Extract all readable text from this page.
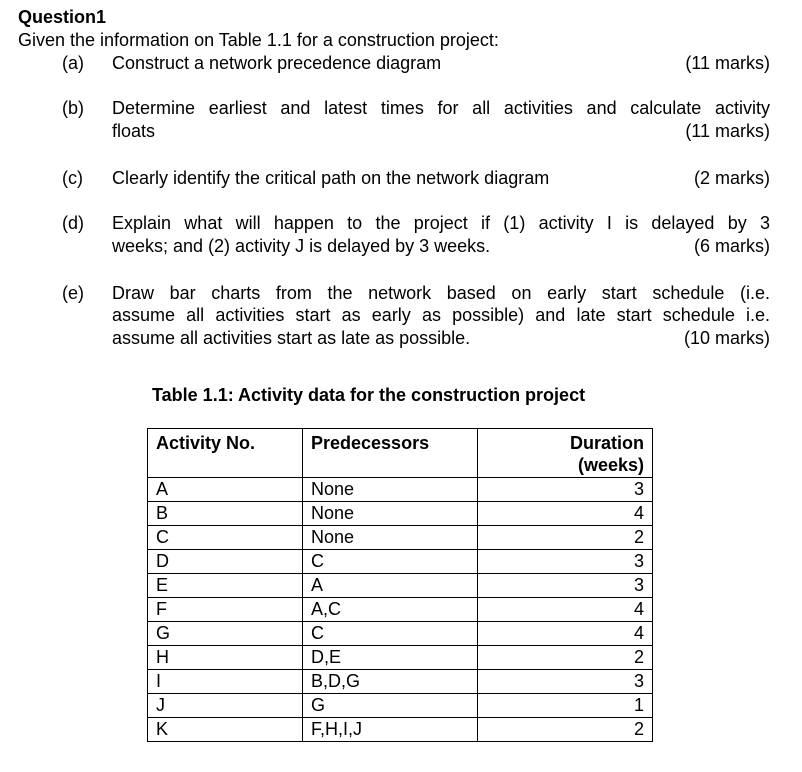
Question1
Given the information on Table 1.1 for a construction project:
(a) Construct a network precedence diagram	(11 marks)
(b) Determine earliest and latest times for all activities and calculate activity
floats	(11 marks)
(c) Clearly identify the critical path on the network diagram	(2 marks)
(d) Explain what will happen to the project if (1) activity I is delayed by 3
weeks; and (2) activity J is delayed by 3 weeks.	(6 marks)
(e) Draw bar charts from the network based on early start schedule (i.e.
assume all activities start as early as possible) and late start schedule i.e.
assume all activities start as late as possible.	(10 marks)
Table 1.1: Activity data for the construction project
Activity No.	Predecessors	Duration
(weeks)

A	None	3
B	None	4
C	None	2
D	C	3
E	A	3
F	A,C	4
G	C	4
H	D,E	2
I	B,D,G	3
J	G	1
K	F,H,I,J	2
